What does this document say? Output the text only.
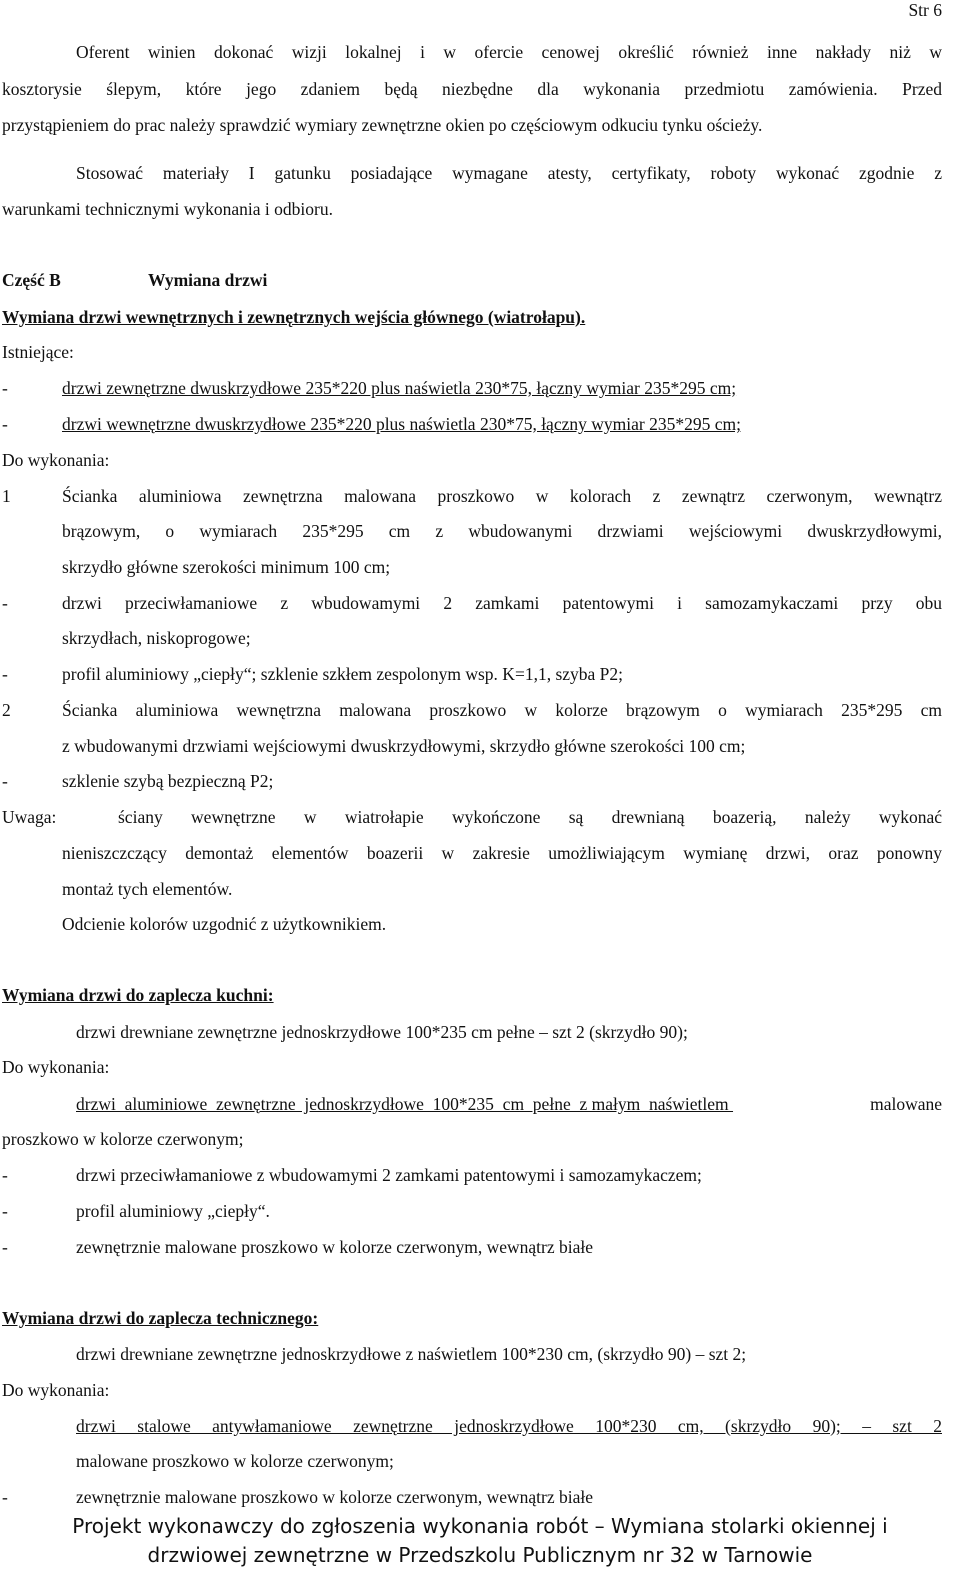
Str 6
Oferent winien dokonać wizji lokalnej i w ofercie cenowej określić również inne nakłady niż w
kosztorysie ślepym, które jego zdaniem będą niezbędne dla wykonania przedmiotu zamówienia. Przed
przystąpieniem do prac należy sprawdzić wymiary zewnętrzne okien po częściowym odkuciu tynku ościeży.
Stosować materiały I gatunku posiadające wymagane atesty, certyfikaty, roboty wykonać zgodnie z
warunkami technicznymi wykonania i odbioru.
Część B	Wymiana drzwi
Wymiana drzwi wewnętrznych i zewnętrznych wejścia głównego (wiatrołapu).
Istniejące:
-	drzwi zewnętrzne dwuskrzydłowe 235*220 plus naświetla 230*75, łączny wymiar 235*295 cm;
-	drzwi wewnętrzne dwuskrzydłowe 235*220 plus naświetla 230*75, łączny wymiar 235*295 cm;
Do wykonania:
1	Ścianka aluminiowa zewnętrzna malowana proszkowo w kolorach z zewnątrz czerwonym, wewnątrz
brązowym, o wymiarach 235*295 cm z wbudowanymi drzwiami wejściowymi dwuskrzydłowymi,
skrzydło główne szerokości minimum 100 cm;
-	drzwi przeciwłamaniowe z wbudowamymi 2 zamkami patentowymi i samozamykaczami przy obu
skrzydłach, niskoprogowe;
-	profil aluminiowy „ciepły“; szklenie szkłem zespolonym wsp. K=1,1, szyba P2;
2	Ścianka aluminiowa wewnętrzna malowana proszkowo w kolorze brązowym o wymiarach 235*295 cm
z wbudowanymi drzwiami wejściowymi dwuskrzydłowymi, skrzydło główne szerokości 100 cm;
-	szklenie szybą bezpieczną P2;
Uwaga:	ściany wewnętrzne w wiatrołapie wykończone są drewnianą boazerią, należy wykonać
nieniszczczący demontaż elementów boazerii w zakresie umożliwiającym wymianę drzwi, oraz ponowny
montaż tych elementów.
Odcienie kolorów uzgodnić z użytkownikiem.
Wymiana drzwi do zaplecza kuchni:
drzwi drewniane zewnętrzne jednoskrzydłowe 100*235 cm pełne – szt 2 (skrzydło 90);
Do wykonania:
drzwi  aluminiowe  zewnętrzne  jednoskrzydłowe  100*235  cm  pełne  z małym  naświetlem	malowane
proszkowo w kolorze czerwonym;
-	drzwi przeciwłamaniowe z wbudowamymi 2 zamkami patentowymi i samozamykaczem;
-	profil aluminiowy „ciepły“.
-	zewnętrznie malowane proszkowo w kolorze czerwonym, wewnątrz białe
Wymiana drzwi do zaplecza technicznego:
drzwi drewniane zewnętrzne jednoskrzydłowe z naświetlem 100*230 cm, (skrzydło 90) – szt 2;
Do wykonania:
drzwi stalowe antywłamaniowe zewnętrzne jednoskrzydłowe 100*230 cm, (skrzydło 90); – szt 2
malowane proszkowo w kolorze czerwonym;
-	zewnętrznie malowane proszkowo w kolorze czerwonym, wewnątrz białe
Projekt wykonawczy do zgłoszenia wykonania robót – Wymiana stolarki okiennej i
drzwiowej zewnętrzne w Przedszkolu Publicznym nr 32 w Tarnowie
